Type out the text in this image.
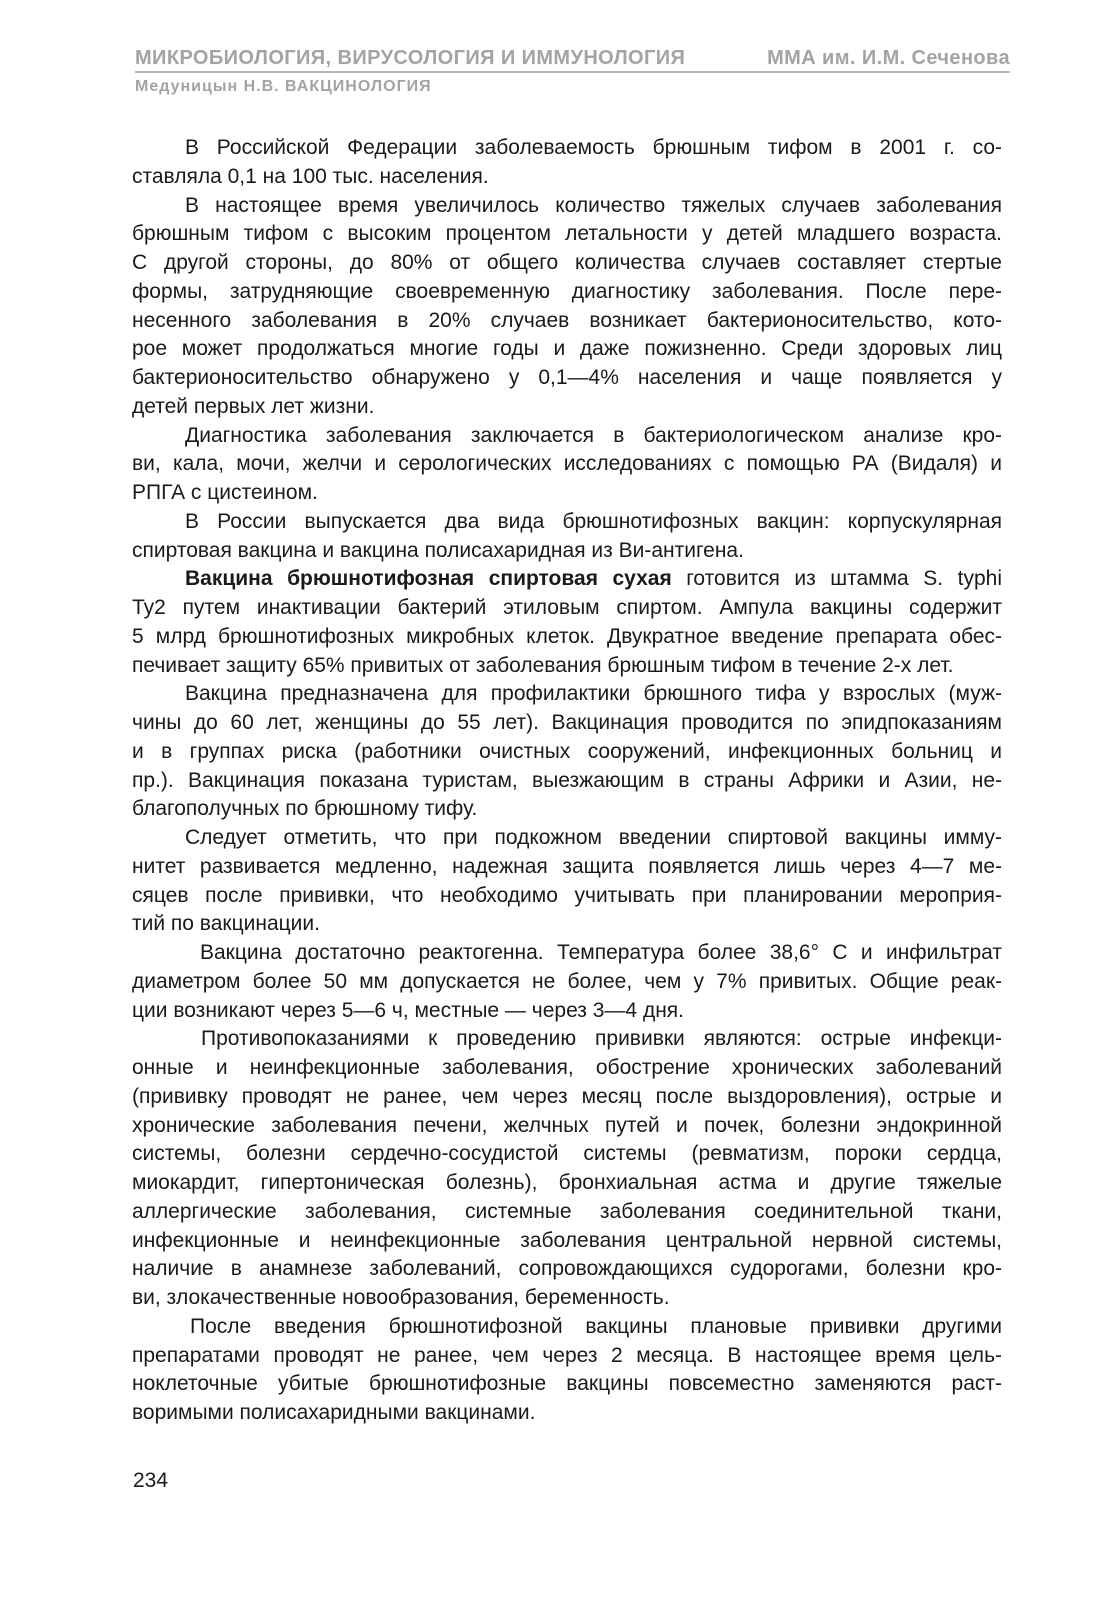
МИКРОБИОЛОГИЯ, ВИРУСОЛОГИЯ И ИММУНОЛОГИЯ	ММА им. И.М. Сеченова
Медуницын Н.В. ВАКЦИНОЛОГИЯ
В Российской Федерации заболеваемость брюшным тифом в 2001 г. со-
ставляла 0,1 на 100 тыс. населения.
В настоящее время увеличилось количество тяжелых случаев заболевания
брюшным тифом с высоким процентом летальности у детей младшего возраста.
С другой стороны, до 80% от общего количества случаев составляет стертые
формы, затрудняющие своевременную диагностику заболевания. После пере-
несенного заболевания в 20% случаев возникает бактерионосительство, кото-
рое может продолжаться многие годы и даже пожизненно. Среди здоровых лиц
бактерионосительство обнаружено у 0,1—4% населения и чаще появляется у
детей первых лет жизни.
Диагностика заболевания заключается в бактериологическом анализе кро-
ви, кала, мочи, желчи и серологических исследованиях с помощью РА (Видаля) и
РПГА с цистеином.
В России выпускается два вида брюшнотифозных вакцин: корпускулярная
спиртовая вакцина и вакцина полисахаридная из Ви-антигена.
Вакцина брюшнотифозная спиртовая сухая готовится из штамма S. typhi
Ty2 путем инактивации бактерий этиловым спиртом. Ампула вакцины содержит
5 млрд брюшнотифозных микробных клеток. Двукратное введение препарата обес-
печивает защиту 65% привитых от заболевания брюшным тифом в течение 2-х лет.
Вакцина предназначена для профилактики брюшного тифа у взрослых (муж-
чины до 60 лет, женщины до 55 лет). Вакцинация проводится по эпидпоказаниям
и в группах риска (работники очистных сооружений, инфекционных больниц и
пр.). Вакцинация показана туристам, выезжающим в страны Африки и Азии, не-
благополучных по брюшному тифу.
Следует отметить, что при подкожном введении спиртовой вакцины имму-
нитет развивается медленно, надежная защита появляется лишь через 4—7 ме-
сяцев после прививки, что необходимо учитывать при планировании мероприя-
тий по вакцинации.
Вакцина достаточно реактогенна. Температура более 38,6° С и инфильтрат
диаметром более 50 мм допускается не более, чем у 7% привитых. Общие реак-
ции возникают через 5—6 ч, местные — через 3—4 дня.
Противопоказаниями к проведению прививки являются: острые инфекци-
онные и неинфекционные заболевания, обострение хронических заболеваний
(прививку проводят не ранее, чем через месяц после выздоровления), острые и
хронические заболевания печени, желчных путей и почек, болезни эндокринной
системы, болезни сердечно-сосудистой системы (ревматизм, пороки сердца,
миокардит, гипертоническая болезнь), бронхиальная астма и другие тяжелые
аллергические заболевания, системные заболевания соединительной ткани,
инфекционные и неинфекционные заболевания центральной нервной системы,
наличие в анамнезе заболеваний, сопровождающихся судорогами, болезни кро-
ви, злокачественные новообразования, беременность.
После введения брюшнотифозной вакцины плановые прививки другими
препаратами проводят не ранее, чем через 2 месяца. В настоящее время цель-
ноклеточные убитые брюшнотифозные вакцины повсеместно заменяются раст-
воримыми полисахаридными вакцинами.
234
